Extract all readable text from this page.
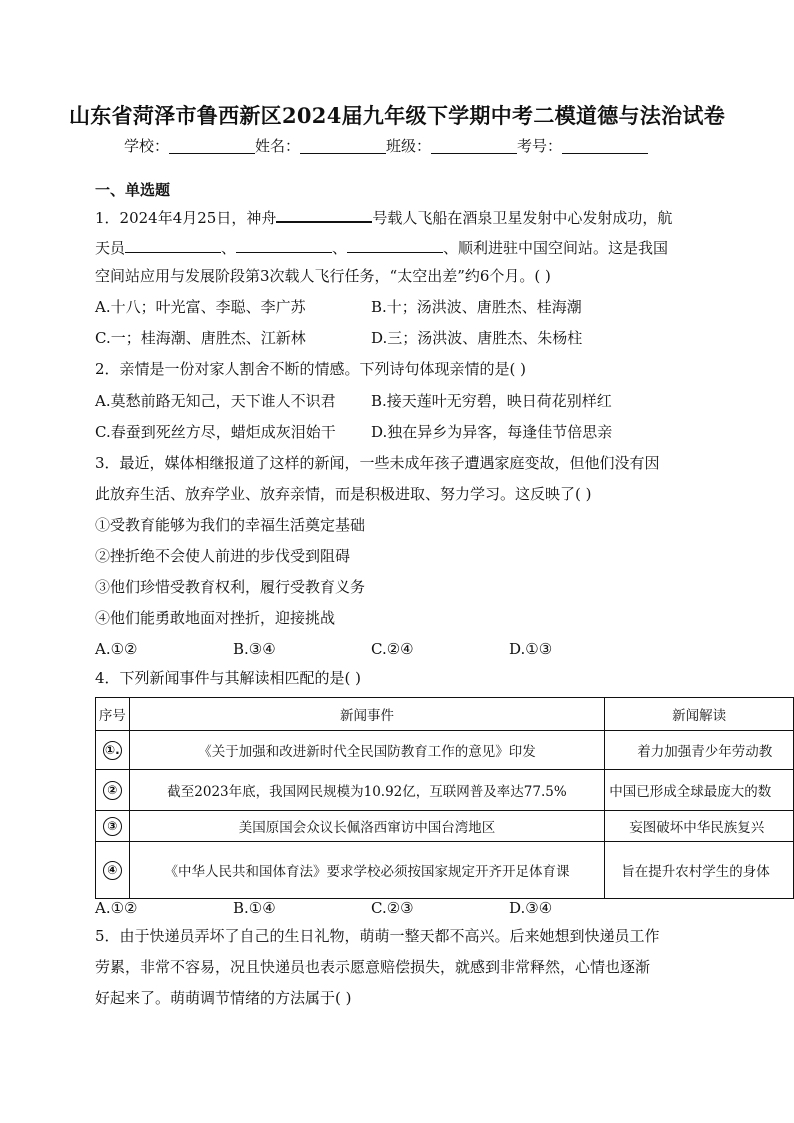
山东省菏泽市鲁西新区2024届九年级下学期中考二模道德与法治试卷
学校：	姓名：	班级：	考号：
一、单选题
1．2024年4月25日，神舟	号载人飞船在酒泉卫星发射中心发射成功，航
天员	、	、	、顺利进驻中国空间站。这是我国
空间站应用与发展阶段第3次载人飞行任务，“太空出差”约6个月。( )
A.十八；叶光富、李聪、李广苏	B.十；汤洪波、唐胜杰、桂海潮
C.一；桂海潮、唐胜杰、江新林	D.三；汤洪波、唐胜杰、朱杨柱
2．亲情是一份对家人割舍不断的情感。下列诗句体现亲情的是( )
A.莫愁前路无知己，天下谁人不识君 B.接天莲叶无穷碧，映日荷花别样红
C.春蚕到死丝方尽，蜡炬成灰泪始干 D.独在异乡为异客，每逢佳节倍思亲
3．最近，媒体相继报道了这样的新闻，一些未成年孩子遭遇家庭变故，但他们没有因
此放弃生活、放弃学业、放弃亲情，而是积极进取、努力学习。这反映了( )
①受教育能够为我们的幸福生活奠定基础
②挫折绝不会使人前进的步伐受到阻碍
③他们珍惜受教育权利，履行受教育义务
④他们能勇敢地面对挫折，迎接挑战
A.①②	B.③④	C.②④	D.①③
4．下列新闻事件与其解读相匹配的是( )
序号	新闻事件	新闻解读
①.	《关于加强和改进新时代全民国防教育工作的意见》印发	着力加强青少年劳动教
②	截至2023年底，我国网民规模为10.92亿，互联网普及率达77.5%	中国已形成全球最庞大的数
③	美国原国会众议长佩洛西窜访中国台湾地区	妄图破坏中华民族复兴
④	《中华人民共和国体育法》要求学校必须按国家规定开齐开足体育课	旨在提升农村学生的身体
A.①②	B.①④	C.②③	D.③④
5．由于快递员弄坏了自己的生日礼物，萌萌一整天都不高兴。后来她想到快递员工作
劳累，非常不容易，况且快递员也表示愿意赔偿损失，就感到非常释然，心情也逐渐
好起来了。萌萌调节情绪的方法属于( )
